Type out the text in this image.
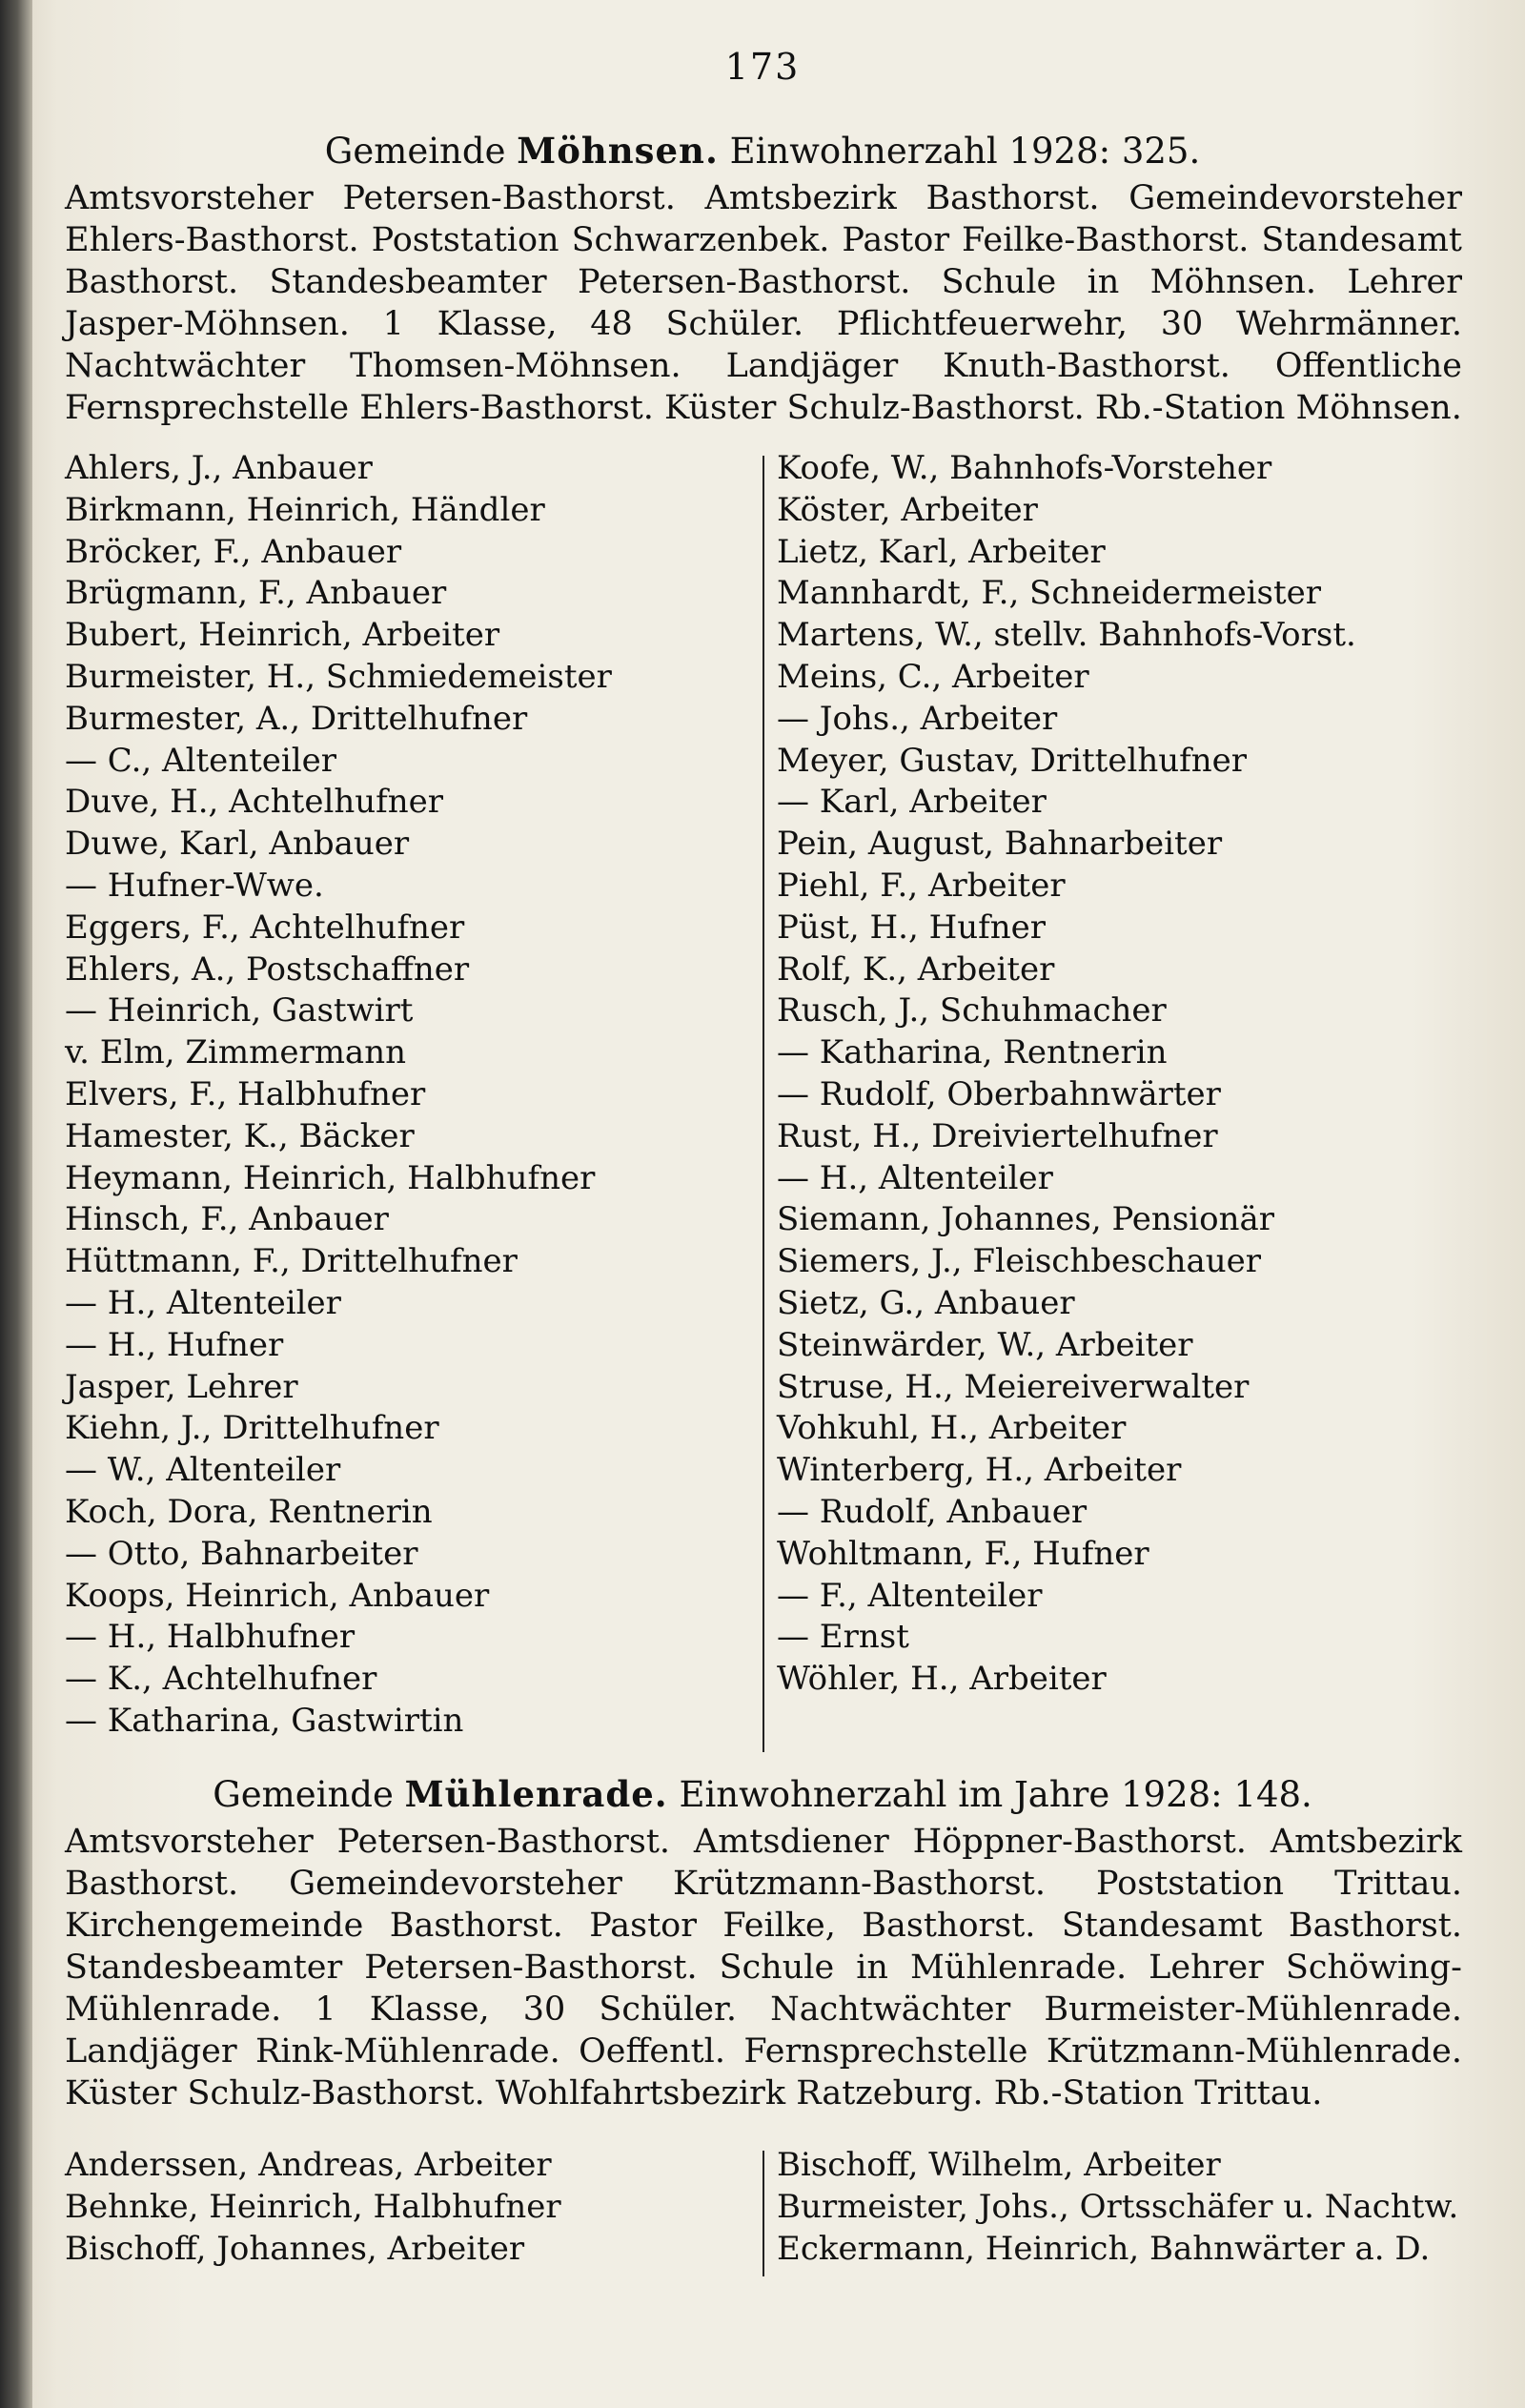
173
Gemeinde Möhnsen. Einwohnerzahl 1928: 325.
Amtsvorsteher Petersen-Basthorst. Amtsbezirk Basthorst. Gemeindevorsteher Ehlers-Basthorst. Poststation Schwarzenbek. Pastor Feilke-Basthorst. Standesamt Basthorst. Standesbeamter Petersen-Basthorst. Schule in Möhnsen. Lehrer Jasper-Möhnsen. 1 Klasse, 48 Schüler. Pflichtfeuerwehr, 30 Wehrmänner. Nachtwächter Thomsen-Möhnsen. Landjäger Knuth-Basthorst. Offentliche Fernsprechstelle Ehlers-Basthorst. Küster Schulz-Basthorst. Rb.-Station Möhnsen.
Ahlers, J., Anbauer
Birkmann, Heinrich, Händler
Bröcker, F., Anbauer
Brügmann, F., Anbauer
Bubert, Heinrich, Arbeiter
Burmeister, H., Schmiedemeister
Burmester, A., Drittelhufner
— C., Altenteiler
Duve, H., Achtelhufner
Duwe, Karl, Anbauer
— Hufner-Wwe.
Eggers, F., Achtelhufner
Ehlers, A., Postschaffner
— Heinrich, Gastwirt
v. Elm, Zimmermann
Elvers, F., Halbhufner
Hamester, K., Bäcker
Heymann, Heinrich, Halbhufner
Hinsch, F., Anbauer
Hüttmann, F., Drittelhufner
— H., Altenteiler
— H., Hufner
Jasper, Lehrer
Kiehn, J., Drittelhufner
— W., Altenteiler
Koch, Dora, Rentnerin
— Otto, Bahnarbeiter
Koops, Heinrich, Anbauer
— H., Halbhufner
— K., Achtelhufner
— Katharina, Gastwirtin
Koofe, W., Bahnhofs-Vorsteher
Köster, Arbeiter
Lietz, Karl, Arbeiter
Mannhardt, F., Schneidermeister
Martens, W., stellv. Bahnhofs-Vorst.
Meins, C., Arbeiter
— Johs., Arbeiter
Meyer, Gustav, Drittelhufner
— Karl, Arbeiter
Pein, August, Bahnarbeiter
Piehl, F., Arbeiter
Püst, H., Hufner
Rolf, K., Arbeiter
Rusch, J., Schuhmacher
— Katharina, Rentnerin
— Rudolf, Oberbahnwärter
Rust, H., Dreiviertelhufner
— H., Altenteiler
Siemann, Johannes, Pensionär
Siemers, J., Fleischbeschauer
Sietz, G., Anbauer
Steinwärder, W., Arbeiter
Struse, H., Meiereiverwalter
Vohkuhl, H., Arbeiter
Winterberg, H., Arbeiter
— Rudolf, Anbauer
Wohltmann, F., Hufner
— F., Altenteiler
— Ernst
Wöhler, H., Arbeiter
Gemeinde Mühlenrade. Einwohnerzahl im Jahre 1928: 148.
Amtsvorsteher Petersen-Basthorst. Amtsdiener Höppner-Basthorst. Amtsbezirk Basthorst. Gemeindevorsteher Krützmann-Basthorst. Poststation Trittau. Kirchengemeinde Basthorst. Pastor Feilke, Basthorst. Standesamt Basthorst. Standesbeamter Petersen-Basthorst. Schule in Mühlenrade. Lehrer Schöwing-Mühlenrade. 1 Klasse, 30 Schüler. Nachtwächter Burmeister-Mühlenrade. Landjäger Rink-Mühlenrade. Oeffentl. Fernsprechstelle Krützmann-Mühlenrade. Küster Schulz-Basthorst. Wohlfahrtsbezirk Ratzeburg. Rb.-Station Trittau.
Anderssen, Andreas, Arbeiter
Behnke, Heinrich, Halbhufner
Bischoff, Johannes, Arbeiter
Bischoff, Wilhelm, Arbeiter
Burmeister, Johs., Ortsschäfer u. Nachtw.
Eckermann, Heinrich, Bahnwärter a. D.
